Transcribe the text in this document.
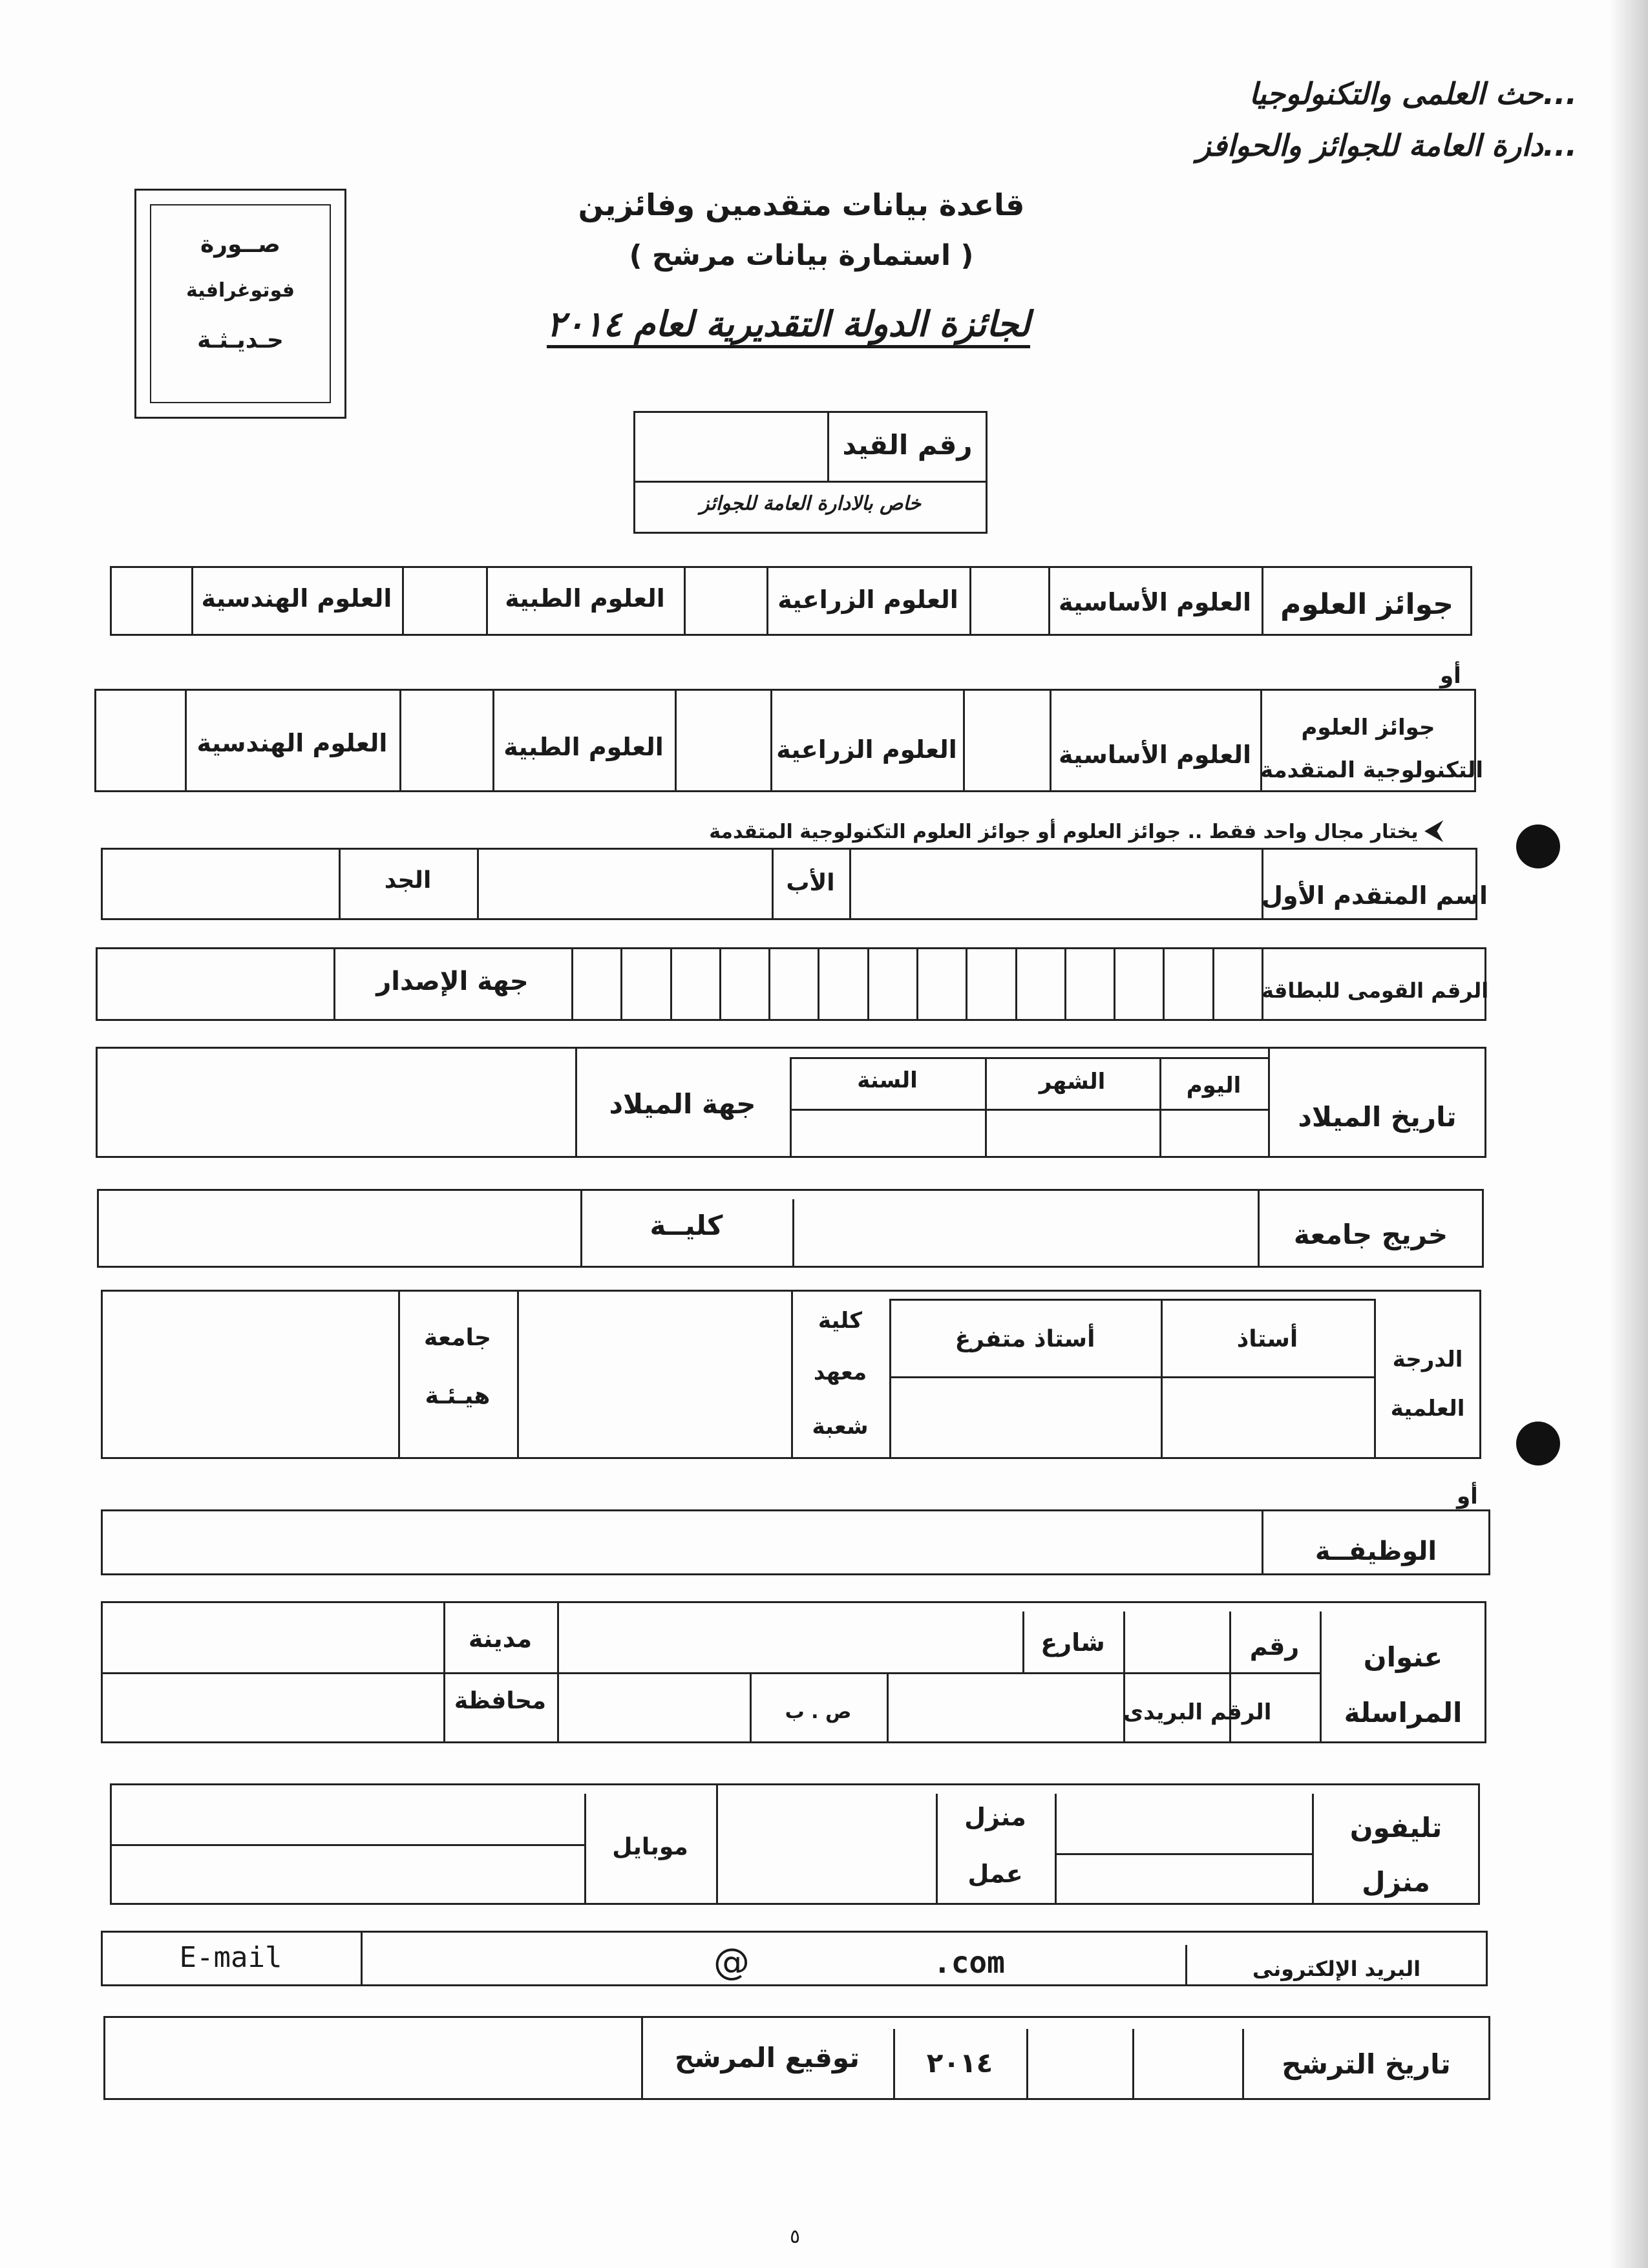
...حث العلمى والتكنولوجيا
...دارة العامة للجوائز والحوافز
قاعدة بيانات متقدمين وفائزين
( استمارة بيانات مرشح )
لجائزة الدولة التقديرية لعام ٢٠١٤
صــورة
فوتوغرافية
حـديـثـة
رقم القيد
خاص بالادارة العامة للجوائز
جوائز العلوم
العلوم الأساسية
العلوم الزراعية
العلوم الطبية
العلوم الهندسية
أو
جوائز العلوم
التكنولوجية المتقدمة
العلوم الأساسية
العلوم الزراعية
العلوم الطبية
العلوم الهندسية
⮜ يختار مجال واحد فقط .. جوائز العلوم أو جوائز العلوم التكنولوجية المتقدمة
اسم المتقدم الأول
الأب
الجد
الرقم القومى للبطاقة
جهة الإصدار
تاريخ الميلاد
اليوم
الشهر
السنة
جهة الميلاد
خريج جامعة
كليــة
الدرجة
العلمية
أستاذ
أستاذ متفرغ
كلية
معهد
شعبة
جامعة
هيـئـة
أو
الوظيفــة
عنوان
المراسلة
رقم
شارع
مدينة
الرقم البريدى
ص . ب
محافظة
تليفون
منزل
منزل
عمل
موبايل
البريد الإلكترونى
@	.com
E-mail
تاريخ الترشح
٢٠١٤
توقيع المرشح
٥
